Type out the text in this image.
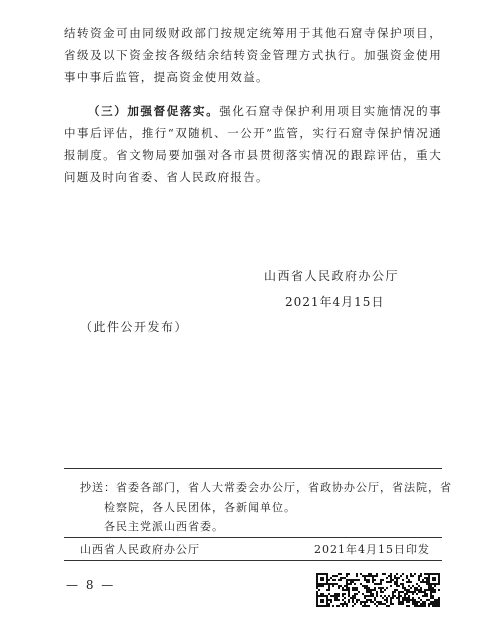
结转资金可由同级财政部门按规定统筹用于其他石窟寺保护项目，省级及以下资金按各级结余结转资金管理方式执行。加强资金使用事中事后监管，提高资金使用效益。

（三）加强督促落实。强化石窟寺保护利用项目实施情况的事中事后评估，推行“双随机、一公开”监管，实行石窟寺保护情况通报制度。省文物局要加强对各市县贯彻落实情况的跟踪评估，重大问题及时向省委、省人民政府报告。

山西省人民政府办公厅
2021年4月15日
（此件公开发布）
抄送：省委各部门，省人大常委会办公厅，省政协办公厅，省法院，省
检察院，各人民团体，各新闻单位。
各民主党派山西省委。
山西省人民政府办公厅	2021年4月15日印发
— 8 —
